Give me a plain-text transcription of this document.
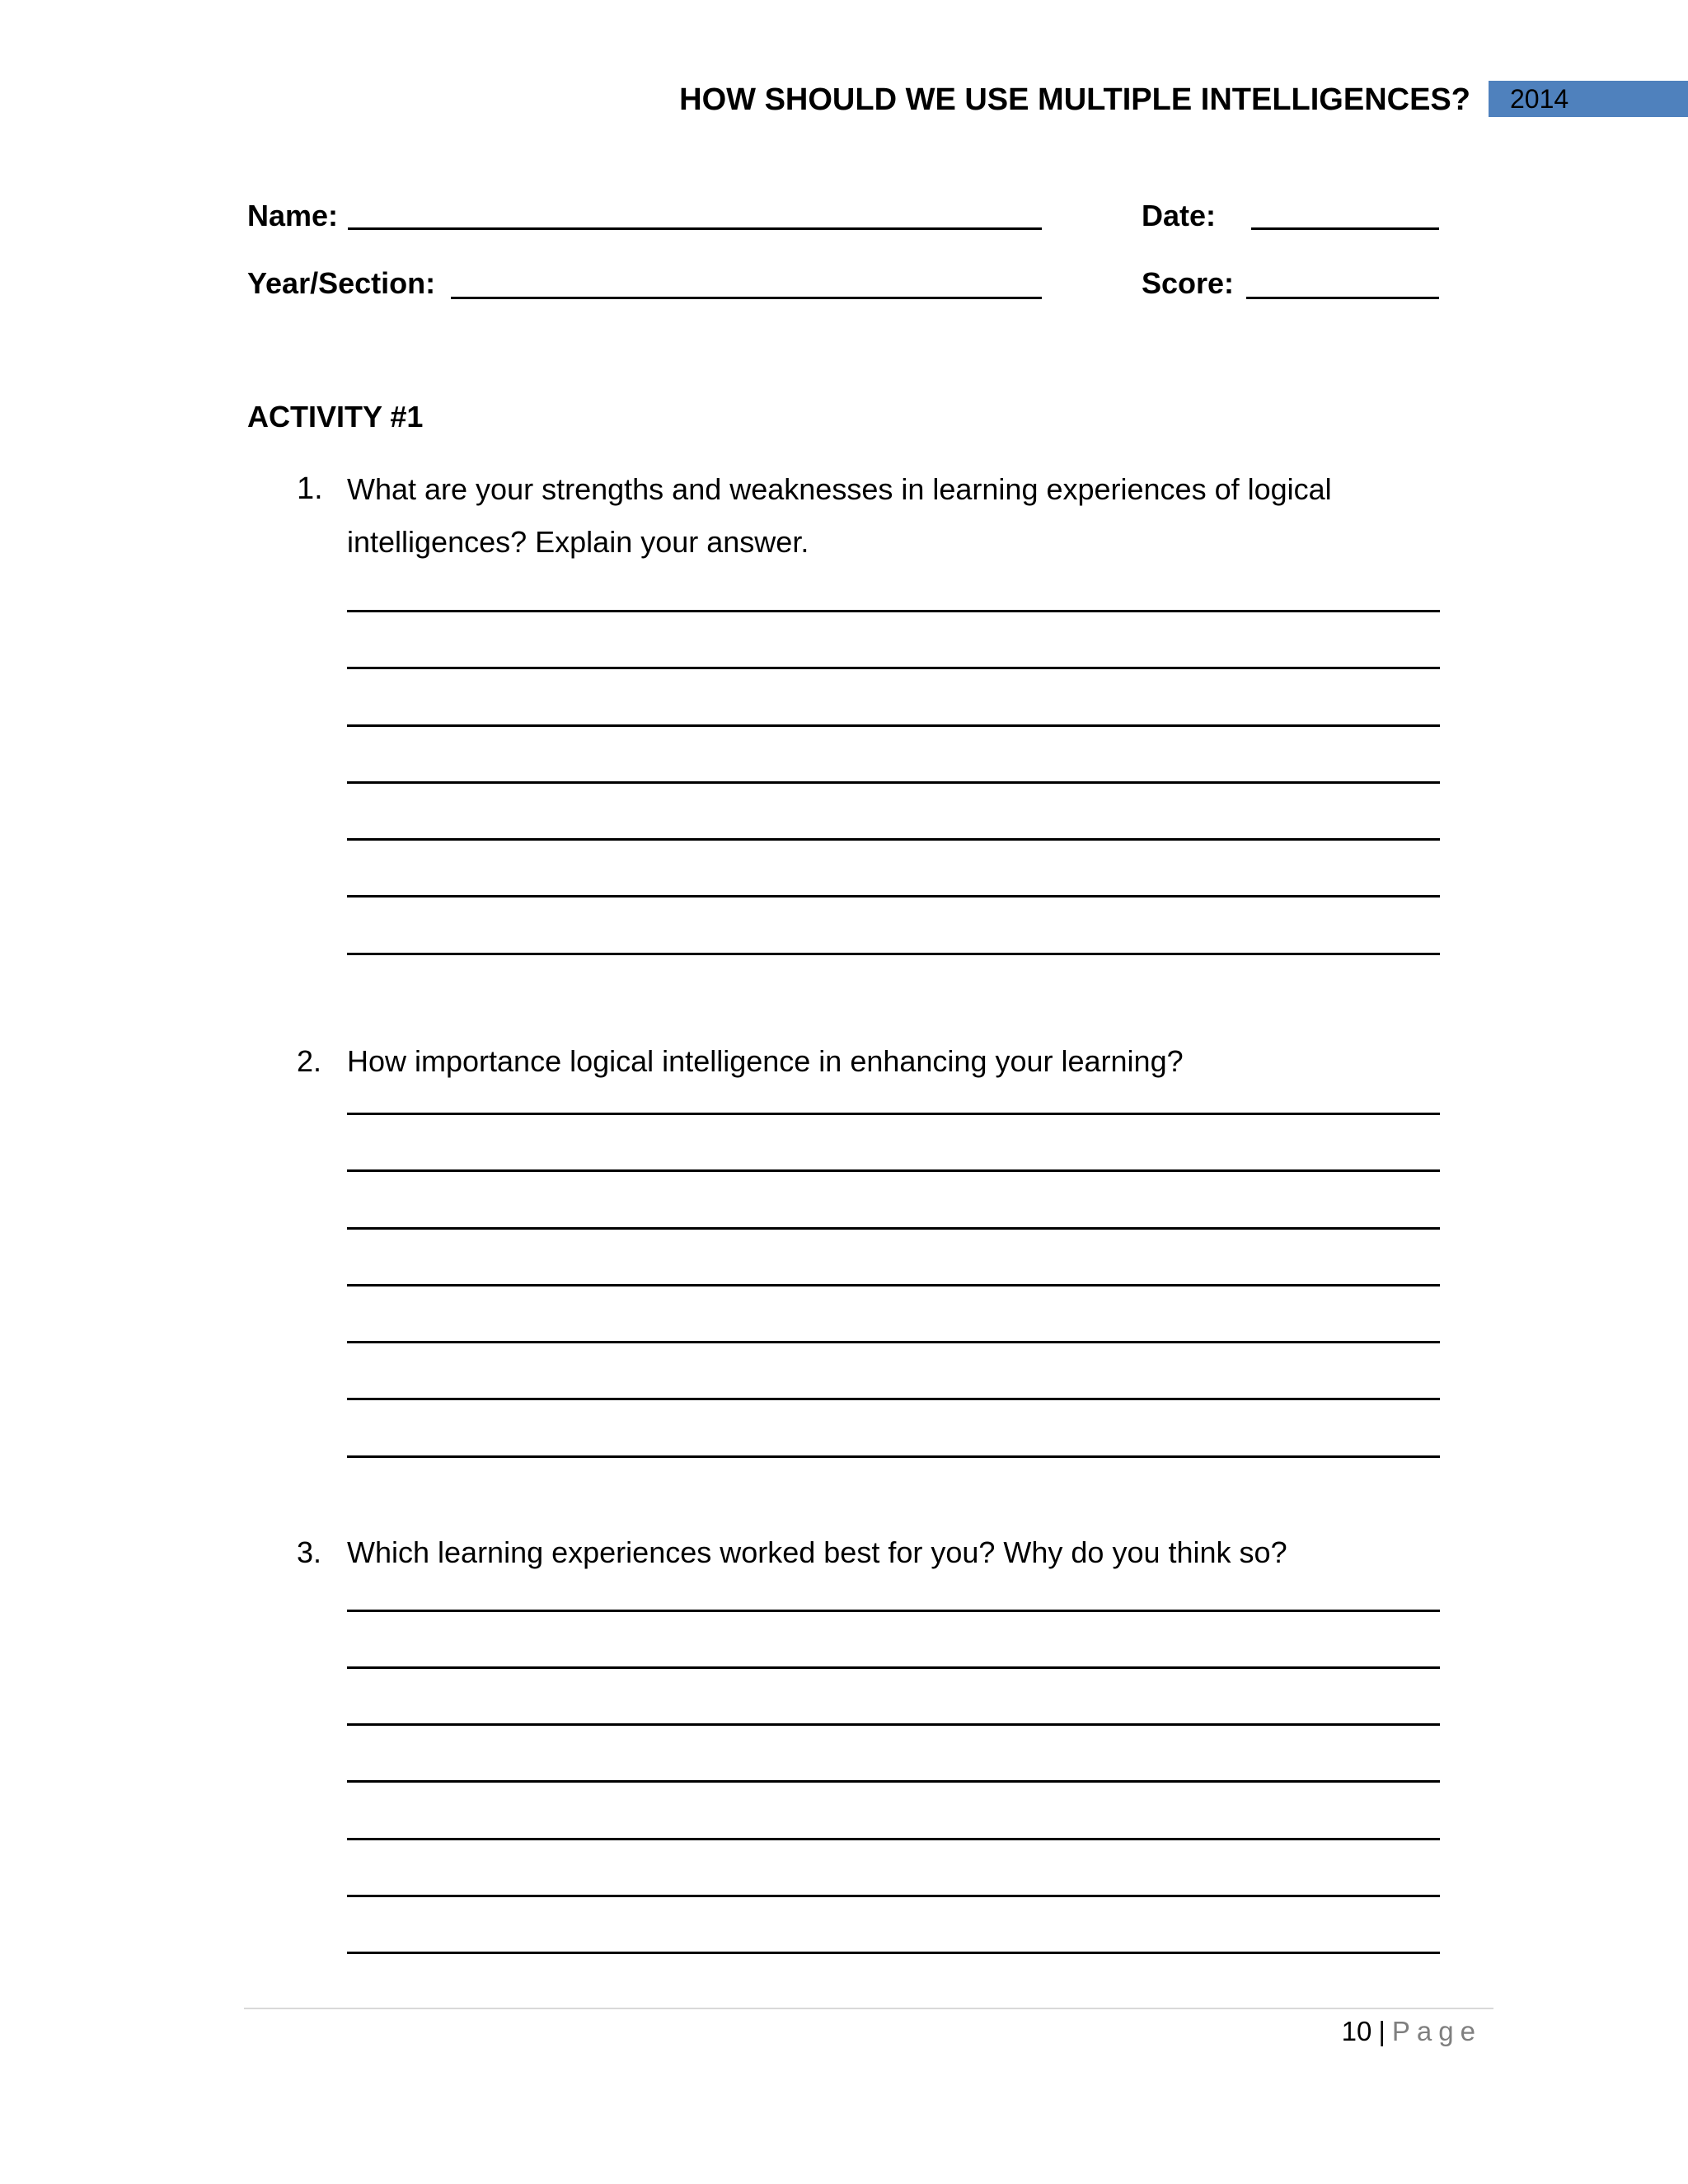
HOW SHOULD WE USE MULTIPLE INTELLIGENCES?	2014
Name:	Date:
Year/Section:	Score:
ACTIVITY #1
1. What are your strengths and weaknesses in learning experiences of logical intelligences? Explain your answer.
2. How importance logical intelligence in enhancing your learning?
3. Which learning experiences worked best for you? Why do you think so?
10 | Page
